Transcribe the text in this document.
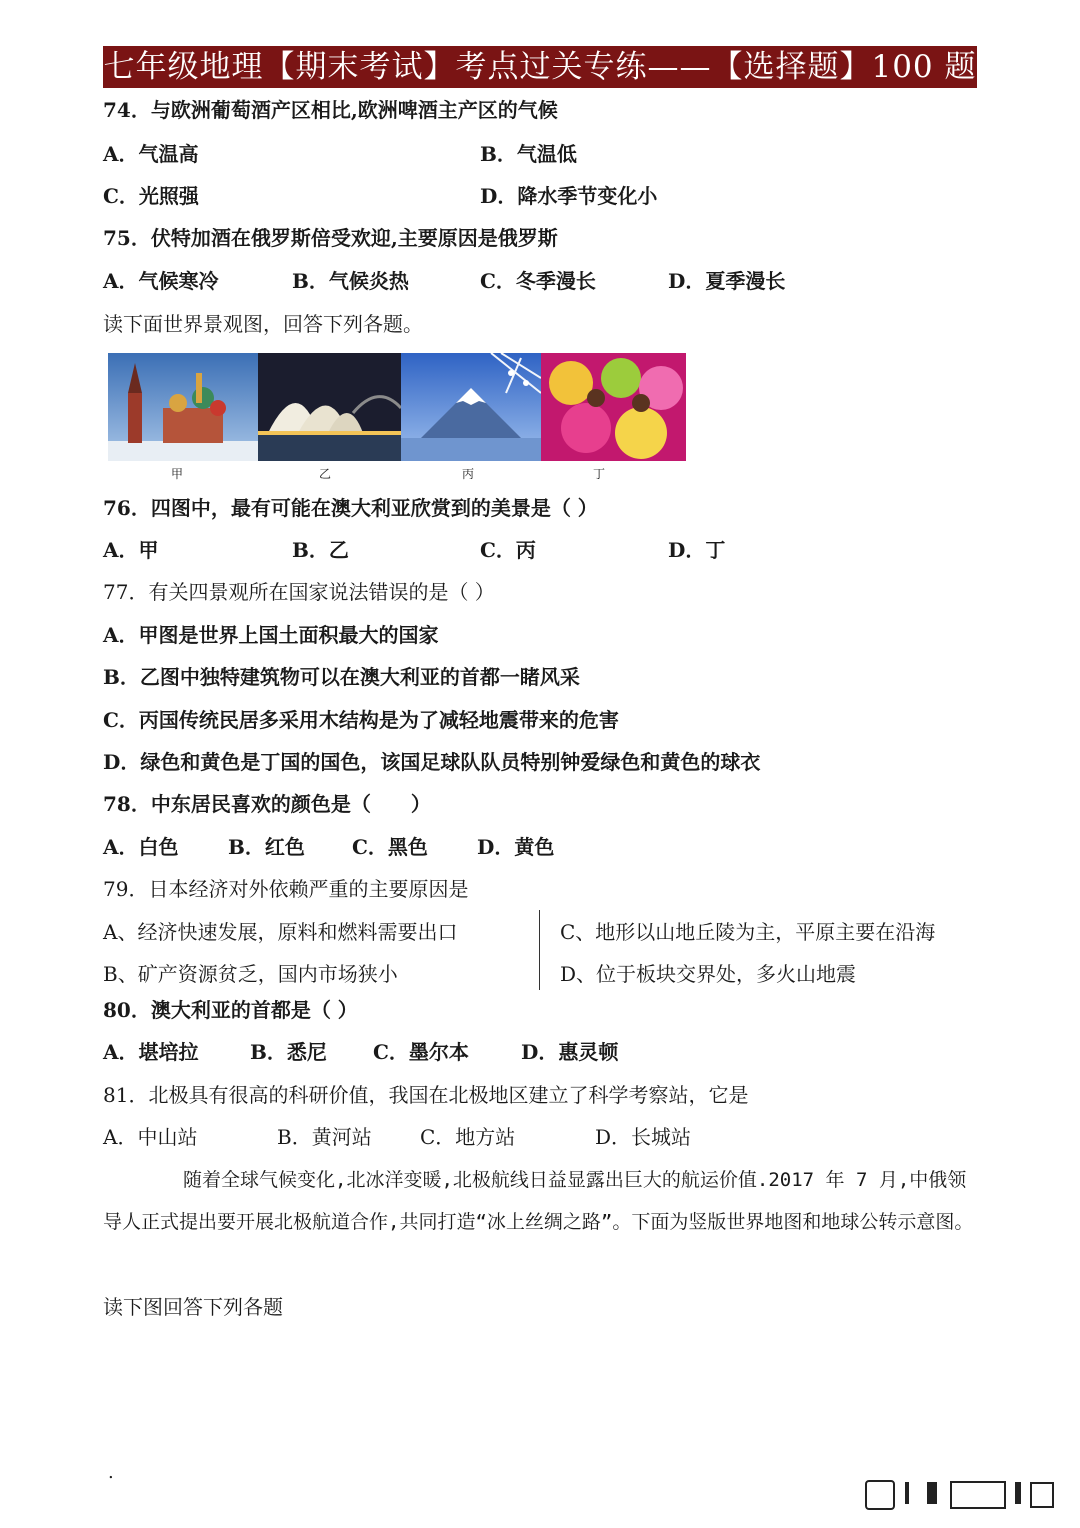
七年级地理【期末考试】考点过关专练——【选择题】100 题
74．与欧洲葡萄酒产区相比,欧洲啤酒主产区的气候
A．气温高	B．气温低
C．光照强	D．降水季节变化小
75．伏特加酒在俄罗斯倍受欢迎,主要原因是俄罗斯
A．气候寒冷	B．气候炎热	C．冬季漫长	D．夏季漫长
读下面世界景观图，回答下列各题。
甲	乙	丙	丁
76．四图中，最有可能在澳大利亚欣赏到的美景是（ ）
A．甲	B．乙	C．丙	D．丁
77．有关四景观所在国家说法错误的是（ ）
A．甲图是世界上国土面积最大的国家
B．乙图中独特建筑物可以在澳大利亚的首都一睹风采
C．丙国传统民居多采用木结构是为了减轻地震带来的危害
D．绿色和黄色是丁国的国色，该国足球队队员特别钟爱绿色和黄色的球衣
78．中东居民喜欢的颜色是（　　）
A．白色 B．红色 C．黑色 D．黄色
79．日本经济对外依赖严重的主要原因是
A、经济快速发展，原料和燃料需要出口
B、矿产资源贫乏，国内市场狭小
C、地形以山地丘陵为主，平原主要在沿海
D、位于板块交界处，多火山地震
80．澳大利亚的首都是（ ）
A．堪培拉	B．悉尼 C．墨尔本	D．惠灵顿
81．北极具有很高的科研价值，我国在北极地区建立了科学考察站，它是
A．中山站	B．黄河站 C．地方站	D．长城站
随着全球气候变化,北冰洋变暖,北极航线日益显露出巨大的航运价值.2017 年 7 月,中俄领导人正式提出要开展北极航道合作,共同打造“冰上丝绸之路”。下面为竖版世界地图和地球公转示意图。
读下图回答下列各题
.
